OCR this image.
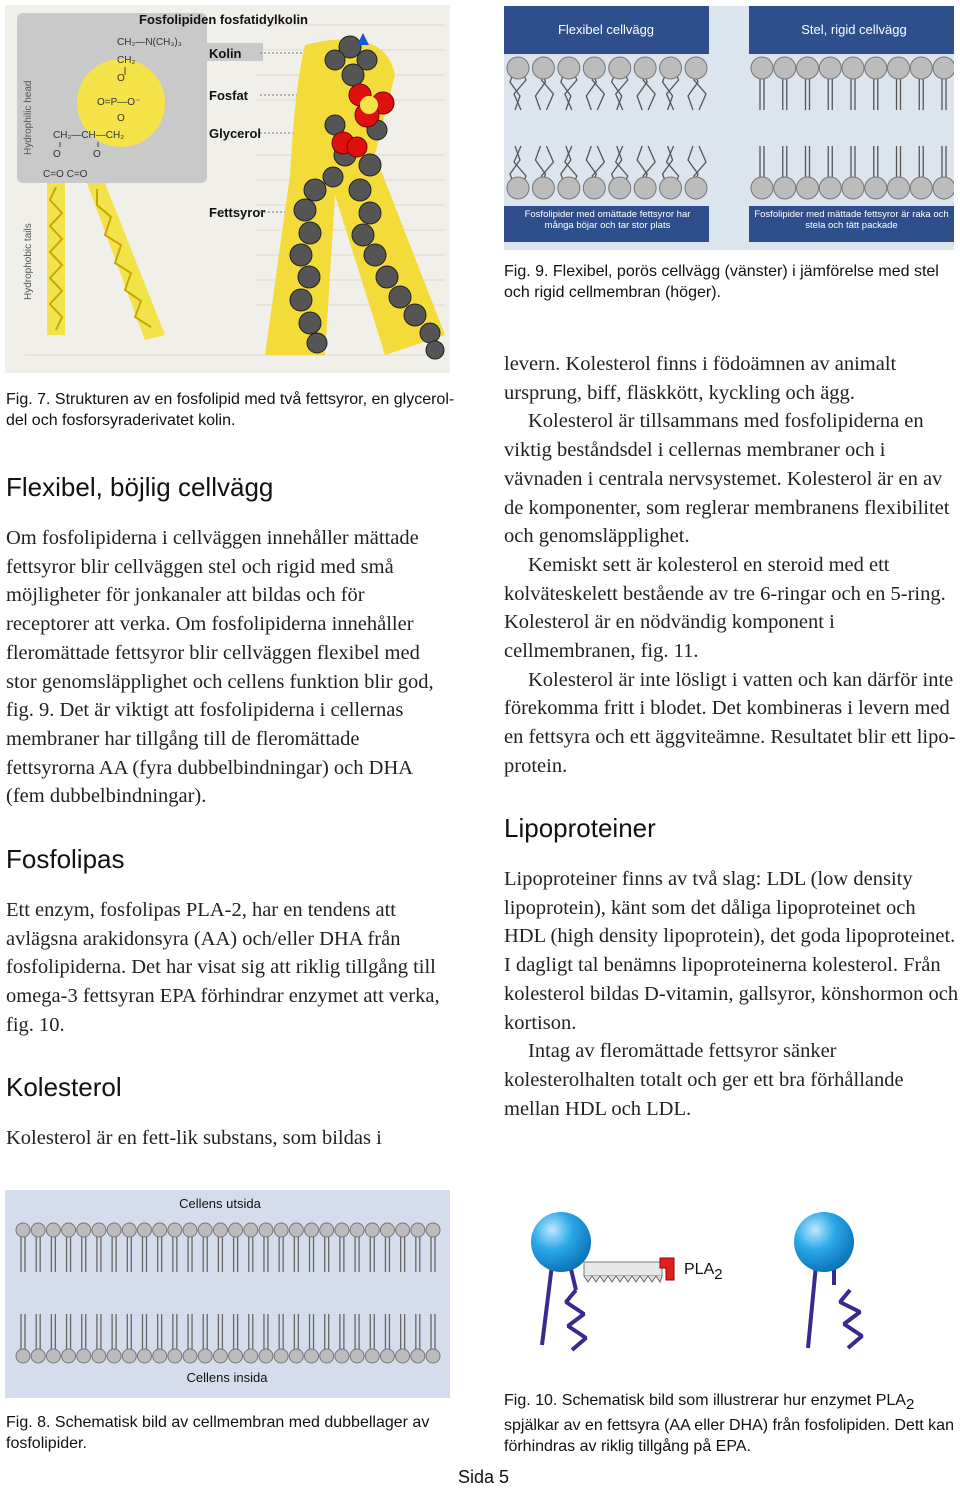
CH₂—N(CH₃)₃
CH₂
O
O=P—O⁻
O
CH₂—CH—CH₂
O	O
C=O C=O
Fosfolipiden fosfatidylkolin
Kolin
Fosfat
Glycerol
Fettsyror
Hydrophilic head
Hydrophobic tails
Fig. 7. Strukturen av en fosfolipid med två fettsyror, en glycerol-del och fosforsyraderivatet kolin.
Flexibel cellvägg	Stel, rigid cellvägg
Fosfolipider med omättade fettsyror har många böjar och tar stor plats
Fosfolipider med mättade fettsyror är raka och stela och tätt packade
Fig. 9. Flexibel, porös cellvägg (vänster) i jämförelse med stel och rigid cellmembran (höger).
Flexibel, böjlig cellvägg

Om fosfolipiderna i cellväggen innehåller mättade fettsyror blir cellväggen stel och rigid med små möjligheter för jonkanaler att bildas och för receptorer att verka. Om fosfolipiderna innehåller fleromättade fettsyror blir cellväggen flexibel med stor genomsläpplighet och cellens funktion blir god, fig. 9. Det är viktigt att fosfolipiderna i cellernas membraner har tillgång till de fleromättade fettsyrorna AA (fyra dubbelbindningar) och DHA (fem dubbelbindningar).

Fosfolipas

Ett enzym, fosfolipas PLA-2, har en tendens att avlägsna arakidonsyra (AA) och/eller DHA från fosfolipiderna. Det har visat sig att riklig tillgång till omega-3 fettsyran EPA förhindrar enzymet att verka, fig. 10.

Kolesterol

Kolesterol är en fett-lik substans, som bildas i

levern. Kolesterol finns i födoämnen av animalt ursprung, biff, fläskkött, kyckling och ägg.

Kolesterol är tillsammans med fosfolipiderna en viktig beståndsdel i cellernas membraner och i vävnaden i centrala nervsystemet. Kolesterol är en av de komponenter, som reglerar membranens flexibilitet och genomsläpplighet.

Kemiskt sett är kolesterol en steroid med ett kolväteskelett bestående av tre 6-ringar och en 5-ring. Kolesterol är en nödvändig komponent i cellmembranen, fig. 11.

Kolesterol är inte lösligt i vatten och kan därför inte förekomma fritt i blodet. Det kombineras i levern med en fettsyra och ett äggviteämne. Resultatet blir ett lipo-protein.

Lipoproteiner

Lipoproteiner finns av två slag: LDL (low density lipoprotein), känt som det dåliga lipoproteinet och HDL (high density lipoprotein), det goda lipoproteinet. I dagligt tal benämns lipoproteinerna kolesterol. Från kolesterol bildas D-vitamin, gallsyror, könshormon och kortison.

Intag av fleromättade fettsyror sänker kolesterolhalten totalt och ger ett bra förhållande mellan HDL och LDL.

Cellens utsida
Cellens insida
Fig. 8. Schematisk bild av cellmembran med dubbellager av fosfolipider.
PLA2
Fig. 10. Schematisk bild som illustrerar hur enzymet $PLA_2$ spjälkar av en fettsyra (AA eller DHA) från fosfolipiden. Dett kan förhindras av riklig tillgång på EPA.
Sida 5
